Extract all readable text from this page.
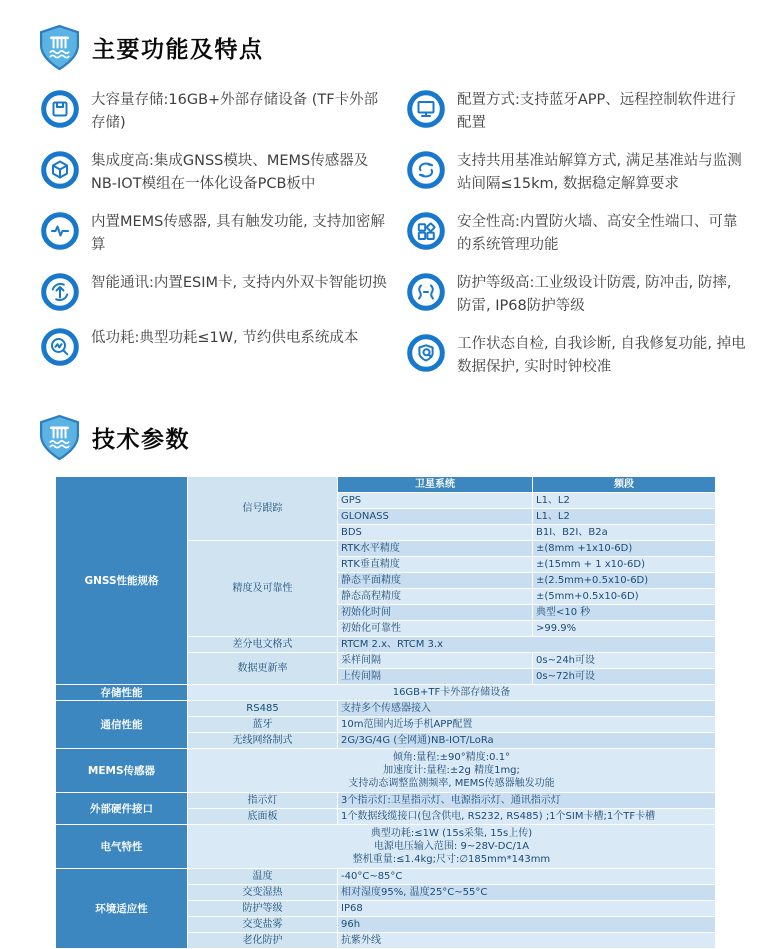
主要功能及特点

大容量存储:16GB+外部存储设备 (TF卡外部存储)

集成度高:集成GNSS模块、MEMS传感器及NB-IOT模组在一体化设备PCB板中

内置MEMS传感器, 具有触发功能, 支持加密解算

智能通讯:内置ESIM卡, 支持内外双卡智能切换

低功耗:典型功耗≤1W, 节约供电系统成本

配置方式:支持蓝牙APP、远程控制软件进行配置

支持共用基准站解算方式, 满足基准站与监测站间隔≤15km, 数据稳定解算要求

安全性高:内置防火墙、高安全性端口、可靠的系统管理功能

防护等级高:工业级设计防震, 防冲击, 防摔, 防雷, IP68防护等级

工作状态自检, 自我诊断, 自我修复功能, 掉电数据保护, 实时时钟校准

技术参数
GNSS性能规格	信号跟踪	卫星系统	频段
		GPS	L1、L2
		GLONASS	L1、L2
		BDS	B1I、B2I、B2a
	精度及可靠性	RTK水平精度	±(8mm +1x10-6D)
		RTK垂直精度	±(15mm + 1 x10-6D)
		静态平面精度	±(2.5mm+0.5x10-6D)
		静态高程精度	±(5mm+0.5x10-6D)
		初始化时间	典型<10 秒
		初始化可靠性	>99.9%
	差分电文格式	RTCM 2.x、RTCM 3.x	
	数据更新率	采样间隔	0s~24h可设
		上传间隔	0s~72h可设
存储性能	16GB+TF卡外部存储设备		
通信性能	RS485	支持多个传感器接入	
	蓝牙	10m范围内近场手机APP配置	
	无线网络制式	2G/3G/4G (全网通)NB-IOT/LoRa	
MEMS传感器	倾角:量程:±90°精度:0.1°
加速度计:量程:±2g 精度1mg;
支持动态调整监测频率, MEMS传感器触发功能		

外部硬件接口	指示灯	3个指示灯:卫星指示灯、电源指示灯、通讯指示灯	
	底面板	1个数据线缆接口(包含供电, RS232, RS485) ;1个SIM卡槽;1个TF卡槽	
电气特性	典型功耗:≤1W (15s采集, 15s上传)
电源电压输入范围: 9~28V-DC/1A
整机重量:≤1.4kg;尺寸:∅185mm*143mm		

环境适应性	温度	-40°C~85°C	
	交变湿热	相对湿度95%, 温度25°C~55°C	
	防护等级	IP68	
	交变盐雾	96h	
	老化防护	抗紫外线	
